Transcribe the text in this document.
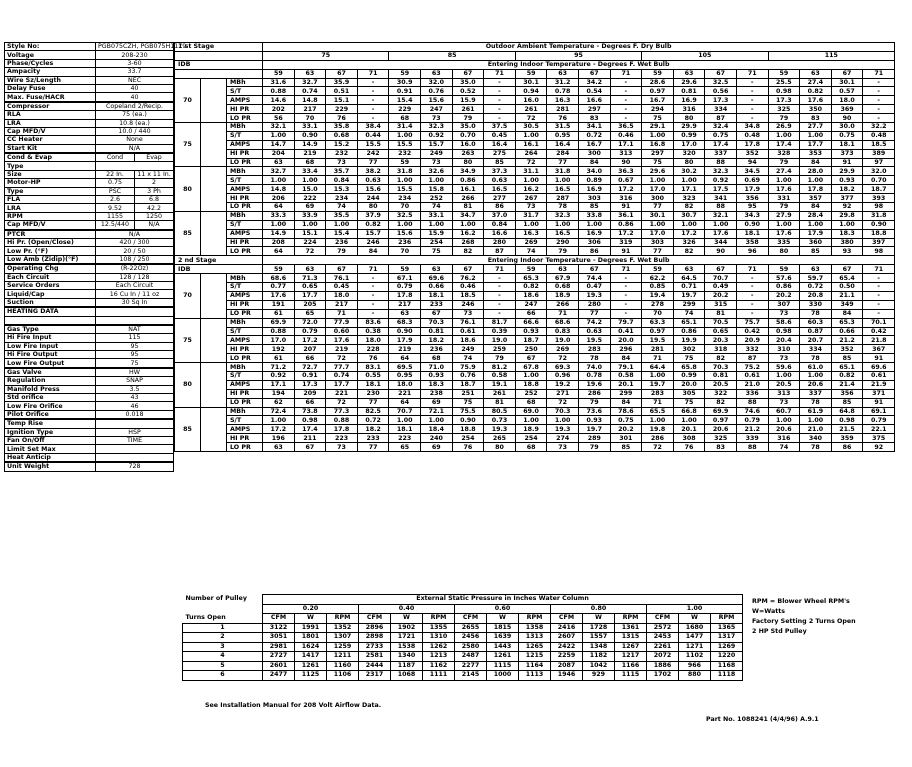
Style No:	PGB075CZH, PGB075H1179	
Voltage	208-230	
Phase/Cycles	3-60	
Ampacity	33.7	
Wire Sz/Length	NEC	
Delay Fuse	40	
Max. Fuse/HACR	40	
Compressor	Copeland 2/Recip.	
RLA	75 (ea.)	
LRA	10.8 (ea.)	
Cap MFD/V	10.0 / 440	
CC Heater	None	
Start Kit	N/A	
Cond & Evap	Cond	Evap
Type		
Size	22 In.	11 x 11 In.
Motor-HP	0.75	2
Type	PSC	3 Ph
FLA	2.6	6.8
LRA	9.52	42.2
RPM	1155	1250
Cap MFD/V	12.5/440	N/A
PTCR	N/A	
Hi Pr. (Open/Close)	420 / 300	
Low Pr. (°F)	20 / 50	
Low Amb (Zidip)(°F)	108 / 250	
Operating Chg	(R-22Oz)	
Each Circuit	128 / 128	
Service Orders	Each Circuit	
Liquid/Cap	16 Cu In / 11 oz	
Suction	30 Sq In	
HEATING DATA		

Gas Type	NAT	
Hi Fire Input	115	
Low Fire Input	95	
Hi Fire Output	95	
Low Fire Output	75	
Gas Valve	HW	
Regulation	SNAP	
Manifold Press	3.5	
Std orifice	43	
Low Fire Orifice	46	
Pilot Orifice	0.018	
Temp Rise		
Ignition Type	HSP	
Fan On/Off	TIME	
Limit Set Max		
Heat Anticip		
Unit Weight	728	
1 st Stage			Outdoor Ambient Temperature - Degrees F. Dry Bulb																			
			75				85				95				105				115			
IDB			Entering Indoor Temperature - Degrees F. Wet Bulb																			
			59	63	67	71	59	63	67	71	59	63	67	71	59	63	67	71	59	63	67	71
70		MBh	31.6	32.7	35.9	-	30.9	32.0	35.0	-	30.1	31.2	34.2	-	28.6	29.6	32.5	-	25.5	27.4	30.1	-
		S/T	0.88	0.74	0.51	-	0.91	0.76	0.52	-	0.94	0.78	0.54	-	0.97	0.81	0.56	-	0.98	0.82	0.57	-
		AMPS	14.6	14.8	15.1	-	15.4	15.6	15.9	-	16.0	16.3	16.6	-	16.7	16.9	17.3	-	17.3	17.6	18.0	-
		HI PR	202	217	229	-	229	247	261	-	261	281	297	-	294	316	334	-	325	350	369	-
		LO PR	56	70	76	-	68	73	79	-	72	76	83	-	75	80	87	-	79	83	90	-
75		MBh	32.1	33.1	35.8	38.4	31.4	32.3	35.0	37.5	30.5	31.5	34.1	36.5	29.1	29.9	32.4	34.8	26.9	27.7	30.0	32.2
		S/T	1.00	0.90	0.68	0.44	1.00	0.92	0.70	0.45	1.00	0.95	0.72	0.46	1.00	0.99	0.75	0.48	1.00	1.00	0.75	0.48
		AMPS	14.7	14.9	15.2	15.5	15.5	15.7	16.0	16.4	16.1	16.4	16.7	17.1	16.8	17.0	17.4	17.8	17.4	17.7	18.1	18.5
		HI PR	204	219	232	242	232	249	263	275	264	284	300	313	297	320	337	352	328	353	373	389
		LO PR	63	68	73	77	59	73	80	85	72	77	84	90	75	80	88	94	79	84	91	97
80		MBh	32.7	33.4	35.7	38.2	31.8	32.6	34.9	37.3	31.1	31.8	34.0	36.3	29.6	30.2	32.3	34.5	27.4	28.0	29.9	32.0
		S/T	1.00	1.00	0.84	0.63	1.00	1.00	0.86	0.63	1.00	1.00	0.89	0.67	1.00	1.00	0.92	0.69	1.00	1.00	0.93	0.70
		AMPS	14.8	15.0	15.3	15.6	15.5	15.8	16.1	16.5	16.2	16.5	16.9	17.2	17.0	17.1	17.5	17.9	17.6	17.8	18.2	18.7
		HI PR	206	222	234	244	234	252	266	277	267	287	303	316	300	323	341	356	331	357	377	393
		LO PR	64	69	74	80	70	74	81	86	73	78	85	91	77	82	88	95	79	84	92	98
85		MBh	33.3	33.9	35.5	37.9	32.5	33.1	34.7	37.0	31.7	32.3	33.8	36.1	30.1	30.7	32.1	34.3	27.9	28.4	29.8	31.8
		S/T	1.00	1.00	1.00	0.82	1.00	1.00	1.00	0.84	1.00	1.00	1.00	0.86	1.00	1.00	1.00	0.90	1.00	1.00	1.00	0.90
		AMPS	14.9	15.1	15.4	15.7	15.6	15.9	16.2	16.6	16.3	16.5	16.9	17.2	17.0	17.2	17.6	18.1	17.6	17.9	18.3	18.8
		HI PR	208	224	236	246	236	254	268	280	269	290	306	319	303	326	344	358	335	360	380	397
		LO PR	64	72	79	84	70	75	82	87	74	79	86	91	77	82	90	96	80	85	93	98
2 nd Stage			Entering Indoor Temperature - Degrees F. Wet Bulb																			
IDB			59	63	67	71	59	63	67	71	59	63	67	71	59	63	67	71	59	63	67	71
70		MBh	68.6	71.3	76.1	-	67.1	69.6	76.2	-	65.3	67.9	74.4	-	62.2	64.5	70.7	-	57.6	59.7	65.4	-
		S/T	0.77	0.65	0.45	-	0.79	0.66	0.46	-	0.82	0.68	0.47	-	0.85	0.71	0.49	-	0.86	0.72	0.50	-
		AMPS	17.6	17.7	18.0	-	17.8	18.1	18.5	-	18.6	18.9	19.3	-	19.4	19.7	20.2	-	20.2	20.8	21.1	-
		HI PR	191	205	217	-	217	233	246	-	247	266	280	-	278	299	315	-	307	330	349	-
		LO PR	61	65	71	-	63	67	73	-	66	71	77	-	70	74	81	-	73	78	84	-
75		MBh	69.9	72.0	77.9	83.6	68.3	70.3	76.1	81.7	66.6	68.6	74.2	79.7	63.3	65.1	70.5	75.7	58.6	60.3	65.3	70.1
		S/T	0.88	0.79	0.60	0.38	0.90	0.81	0.61	0.39	0.93	0.83	0.63	0.41	0.97	0.86	0.65	0.42	0.98	0.87	0.66	0.42
		AMPS	17.0	17.2	17.6	18.0	17.9	18.2	18.6	19.0	18.7	19.0	19.5	20.0	19.5	19.9	20.3	20.9	20.4	20.7	21.2	21.8
		HI PR	192	207	219	228	219	236	249	259	250	269	283	296	281	302	318	332	310	334	352	367
		LO PR	61	66	72	76	64	68	74	79	67	72	78	84	71	75	82	87	73	78	85	91
80		MBh	71.2	72.7	77.7	83.1	69.5	71.0	75.9	81.2	67.8	69.3	74.0	79.1	64.4	65.8	70.3	75.2	59.6	61.0	65.1	69.6
		S/T	0.92	0.91	0.74	0.55	0.95	0.93	0.76	0.58	1.00	0.96	0.78	0.58	1.00	0.99	0.81	0.61	1.00	1.00	0.82	0.61
		AMPS	17.1	17.3	17.7	18.1	18.0	18.3	18.7	19.1	18.8	19.2	19.6	20.1	19.7	20.0	20.5	21.0	20.5	20.6	21.4	21.9
		HI PR	194	209	221	230	221	238	251	261	252	271	286	299	283	305	322	336	313	337	356	371
		LO PR	62	66	72	77	64	69	75	81	68	72	79	84	71	75	82	88	73	78	85	91
85		MBh	72.4	73.8	77.3	82.5	70.7	72.1	75.5	80.5	69.0	70.3	73.6	78.6	65.5	66.8	69.9	74.6	60.7	61.9	64.8	69.1
		S/T	1.00	0.98	0.88	0.72	1.00	1.00	0.90	0.73	1.00	1.00	0.93	0.75	1.00	1.00	0.97	0.79	1.00	1.00	0.98	0.79
		AMPS	17.2	17.4	17.8	18.2	18.1	18.4	18.8	19.3	18.9	19.3	19.7	20.2	19.8	20.1	20.6	21.2	20.6	21.0	21.5	22.1
		HI PR	196	211	223	233	223	240	254	265	254	274	289	301	286	308	325	339	316	340	359	375
		LO PR	63	67	73	77	65	69	76	80	68	73	79	85	72	76	83	88	74	78	86	92
Number of Pulley	External Static Pressure in Inches Water Column														
	0.20			0.40			0.60			0.80			1.00		
Turns Open	CFM	W	RPM	CFM	W	RPM	CFM	W	RPM	CFM	W	RPM	CFM	W	RPM
1	3122	1991	1352	2896	1902	1355	2655	1815	1358	2416	1728	1361	2572	1680	1365
2	3051	1801	1307	2898	1721	1310	2456	1639	1313	2607	1557	1315	2453	1477	1317
3	2981	1624	1259	2733	1538	1262	2580	1443	1265	2422	1348	1267	2261	1271	1269
4	2727	1417	1211	2581	1340	1213	2487	1261	1215	2259	1182	1217	2072	1102	1220
5	2601	1261	1160	2444	1187	1162	2277	1115	1164	2087	1042	1166	1886	966	1168
6	2477	1125	1106	2317	1068	1111	2145	1000	1113	1946	929	1115	1702	880	1118
RPM = Blower Wheel RPM's
W=Watts
Factory Setting 2 Turns Open
2 HP Std Pulley
See Installation Manual for 208 Volt Airflow Data.
Part No. 1088241 (4/4/96) A.9.1
